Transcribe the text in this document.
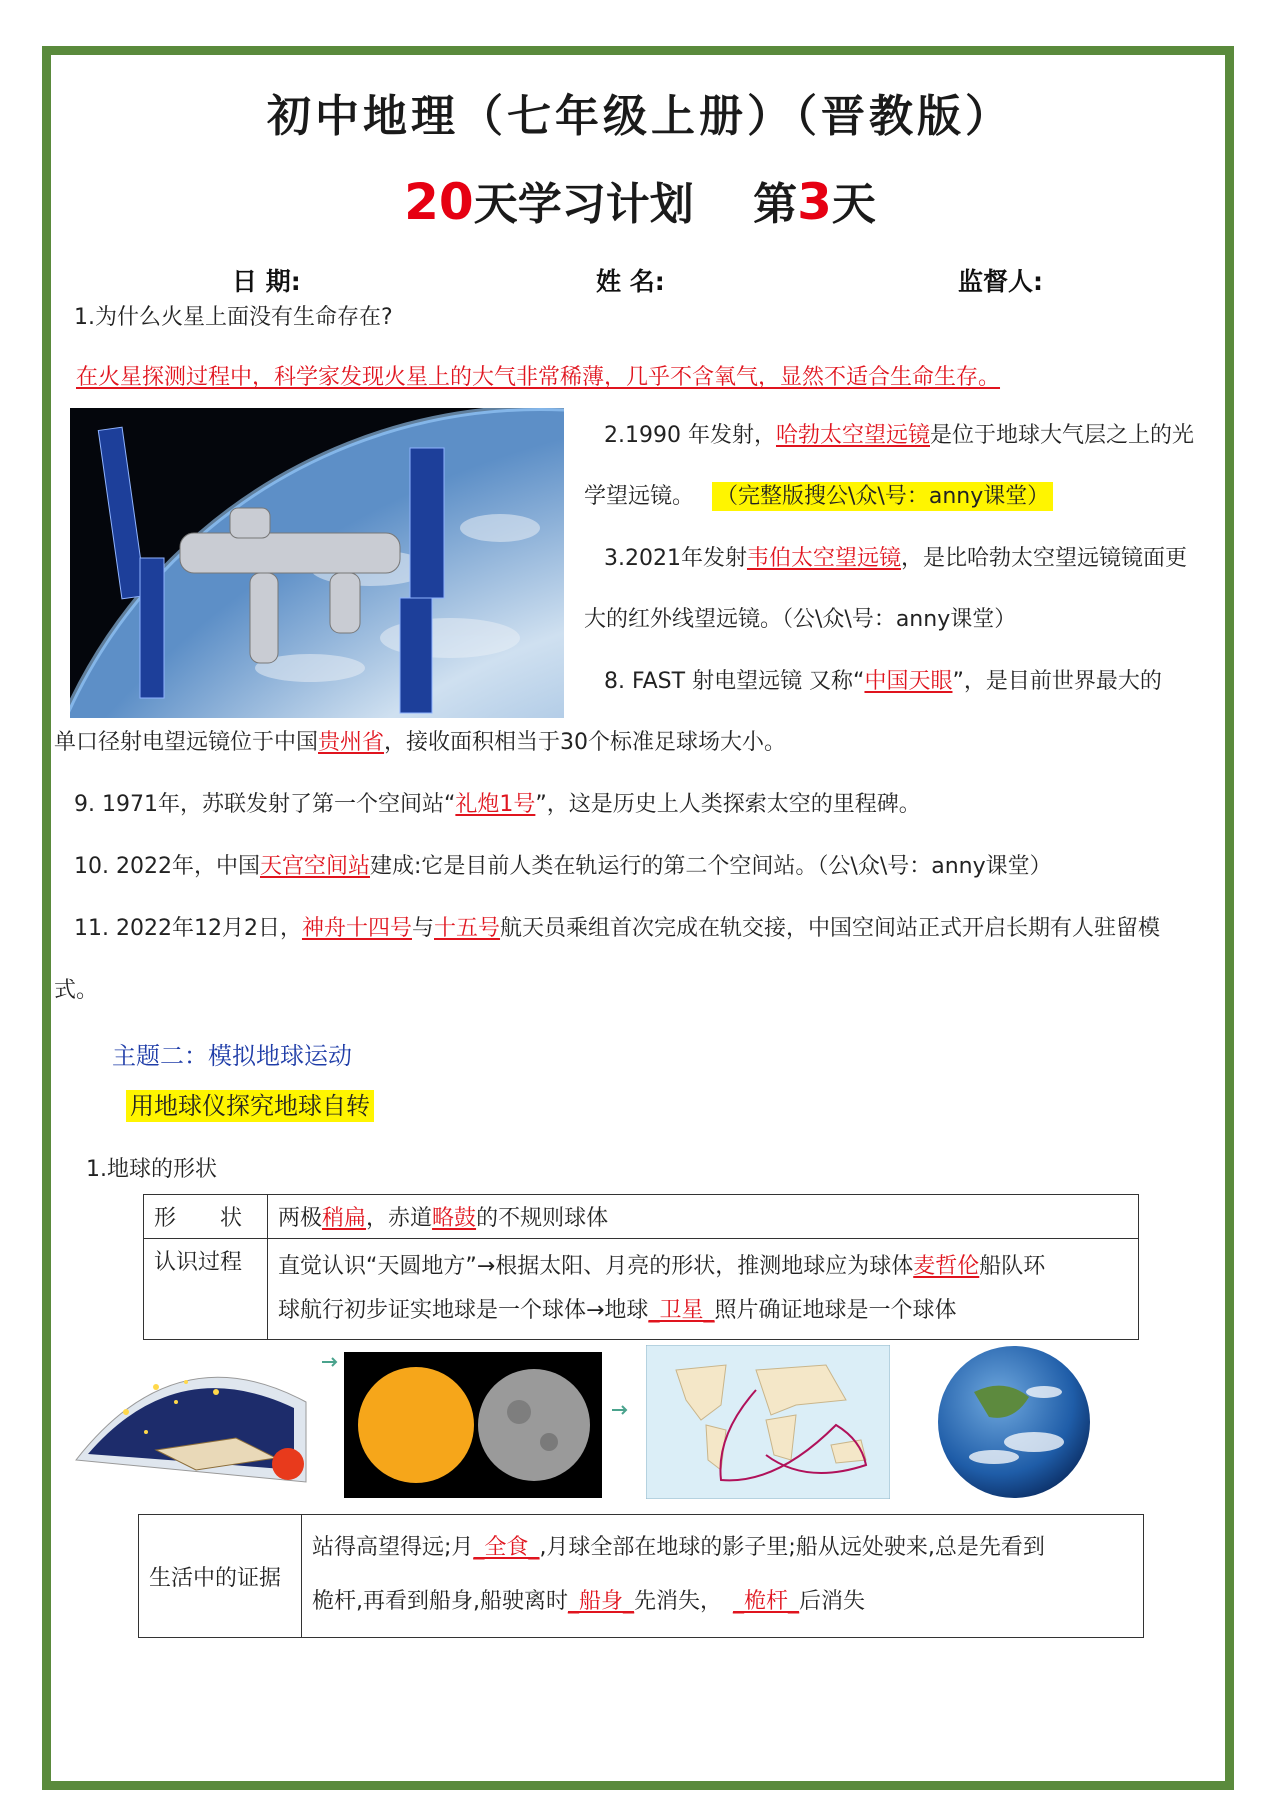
初中地理（七年级上册）（晋教版）
20天学习计划　 第3天
日 期:	姓 名:	监督人:
1.为什么火星上面没有生命存在?
在火星探测过程中，科学家发现火星上的大气非常稀薄，几乎不含氧气，显然不适合生命生存。
2.1990 年发射，哈勃太空望远镜是位于地球大气层之上的光
学望远镜。　 （完整版搜公\众\号：anny课堂）
3.2021年发射韦伯太空望远镜，是比哈勃太空望远镜镜面更
大的红外线望远镜。（公\众\号：anny课堂）
8. FAST 射电望远镜 又称“中国天眼”，是目前世界最大的
单口径射电望远镜位于中国贵州省，接收面积相当于30个标准足球场大小。
9. 1971年，苏联发射了第一个空间站“礼炮1号”，这是历史上人类探索太空的里程碑。
10. 2022年，中国天宫空间站建成:它是目前人类在轨运行的第二个空间站。（公\众\号：anny课堂）
11. 2022年12月2日，神舟十四号与十五号航天员乘组首次完成在轨交接，中国空间站正式开启长期有人驻留模
式。
主题二：模拟地球运动
用地球仪探究地球自转
1.地球的形状
形　　状	两极稍扁，赤道略鼓的不规则球体
认识过程	直觉认识“天圆地方”→根据太阳、月亮的形状，推测地球应为球体麦哲伦船队环
球航行初步证实地球是一个球体→地球_卫星_照片确证地球是一个球体
生活中的证据	站得高望得远;月_全食_,月球全部在地球的影子里;船从远处驶来,总是先看到
桅杆,再看到船身,船驶离时_船身_先消失，　_桅杆_后消失
